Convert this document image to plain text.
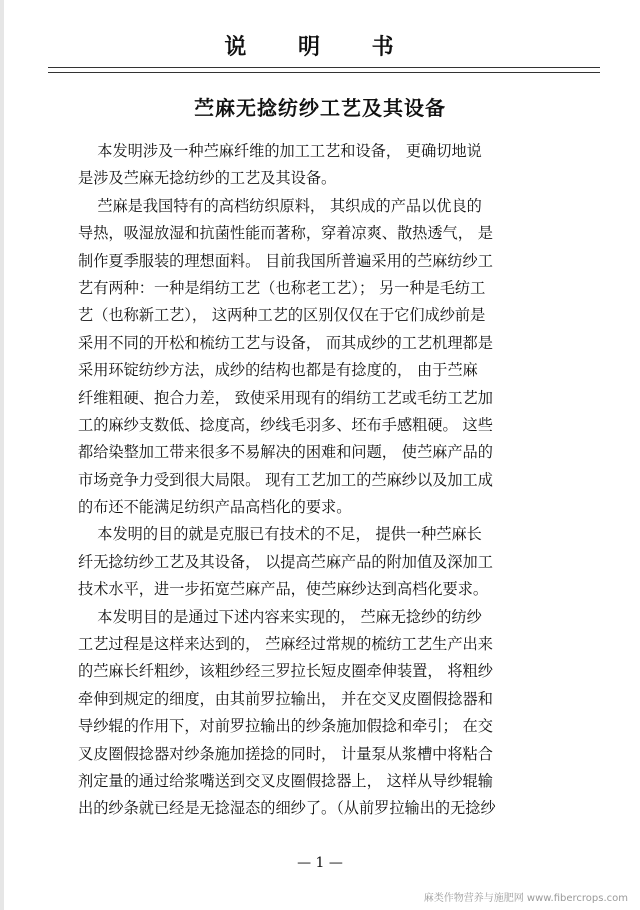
说 明 书
苎麻无捻纺纱工艺及其设备
本发明涉及一种苎麻纤维的加工工艺和设备， 更确切地说
是涉及苎麻无捻纺纱的工艺及其设备。
苎麻是我国特有的高档纺织原料， 其织成的产品以优良的
导热，吸湿放湿和抗菌性能而著称，穿着凉爽、散热透气， 是
制作夏季服装的理想面料。 目前我国所普遍采用的苎麻纺纱工
艺有两种：一种是绢纺工艺（也称老工艺）； 另一种是毛纺工
艺（也称新工艺）， 这两种工艺的区别仅仅在于它们成纱前是
采用不同的开松和梳纺工艺与设备， 而其成纱的工艺机理都是
采用环锭纺纱方法，成纱的结构也都是有捻度的， 由于苎麻
纤维粗硬、抱合力差， 致使采用现有的绢纺工艺或毛纺工艺加
工的麻纱支数低、捻度高，纱线毛羽多、坯布手感粗硬。 这些
都给染整加工带来很多不易解决的困难和问题， 使苎麻产品的
市场竞争力受到很大局限。 现有工艺加工的苎麻纱以及加工成
的布还不能满足纺织产品高档化的要求。
本发明的目的就是克服已有技术的不足， 提供一种苎麻长
纤无捻纺纱工艺及其设备， 以提高苎麻产品的附加值及深加工
技术水平，进一步拓宽苎麻产品，使苎麻纱达到高档化要求。
本发明目的是通过下述内容来实现的， 苎麻无捻纱的纺纱
工艺过程是这样来达到的， 苎麻经过常规的梳纺工艺生产出来
的苎麻长纤粗纱，该粗纱经三罗拉长短皮圈牵伸装置， 将粗纱
牵伸到规定的细度，由其前罗拉输出， 并在交叉皮圈假捻器和
导纱辊的作用下，对前罗拉输出的纱条施加假捻和牵引； 在交
叉皮圈假捻器对纱条施加搓捻的同时， 计量泵从浆槽中将粘合
剂定量的通过给浆嘴送到交叉皮圈假捻器上， 这样从导纱辊输
出的纱条就已经是无捻湿态的细纱了。（从前罗拉输出的无捻纱
— 1 —
麻类作物营养与施肥网 www.fibercrops.com
